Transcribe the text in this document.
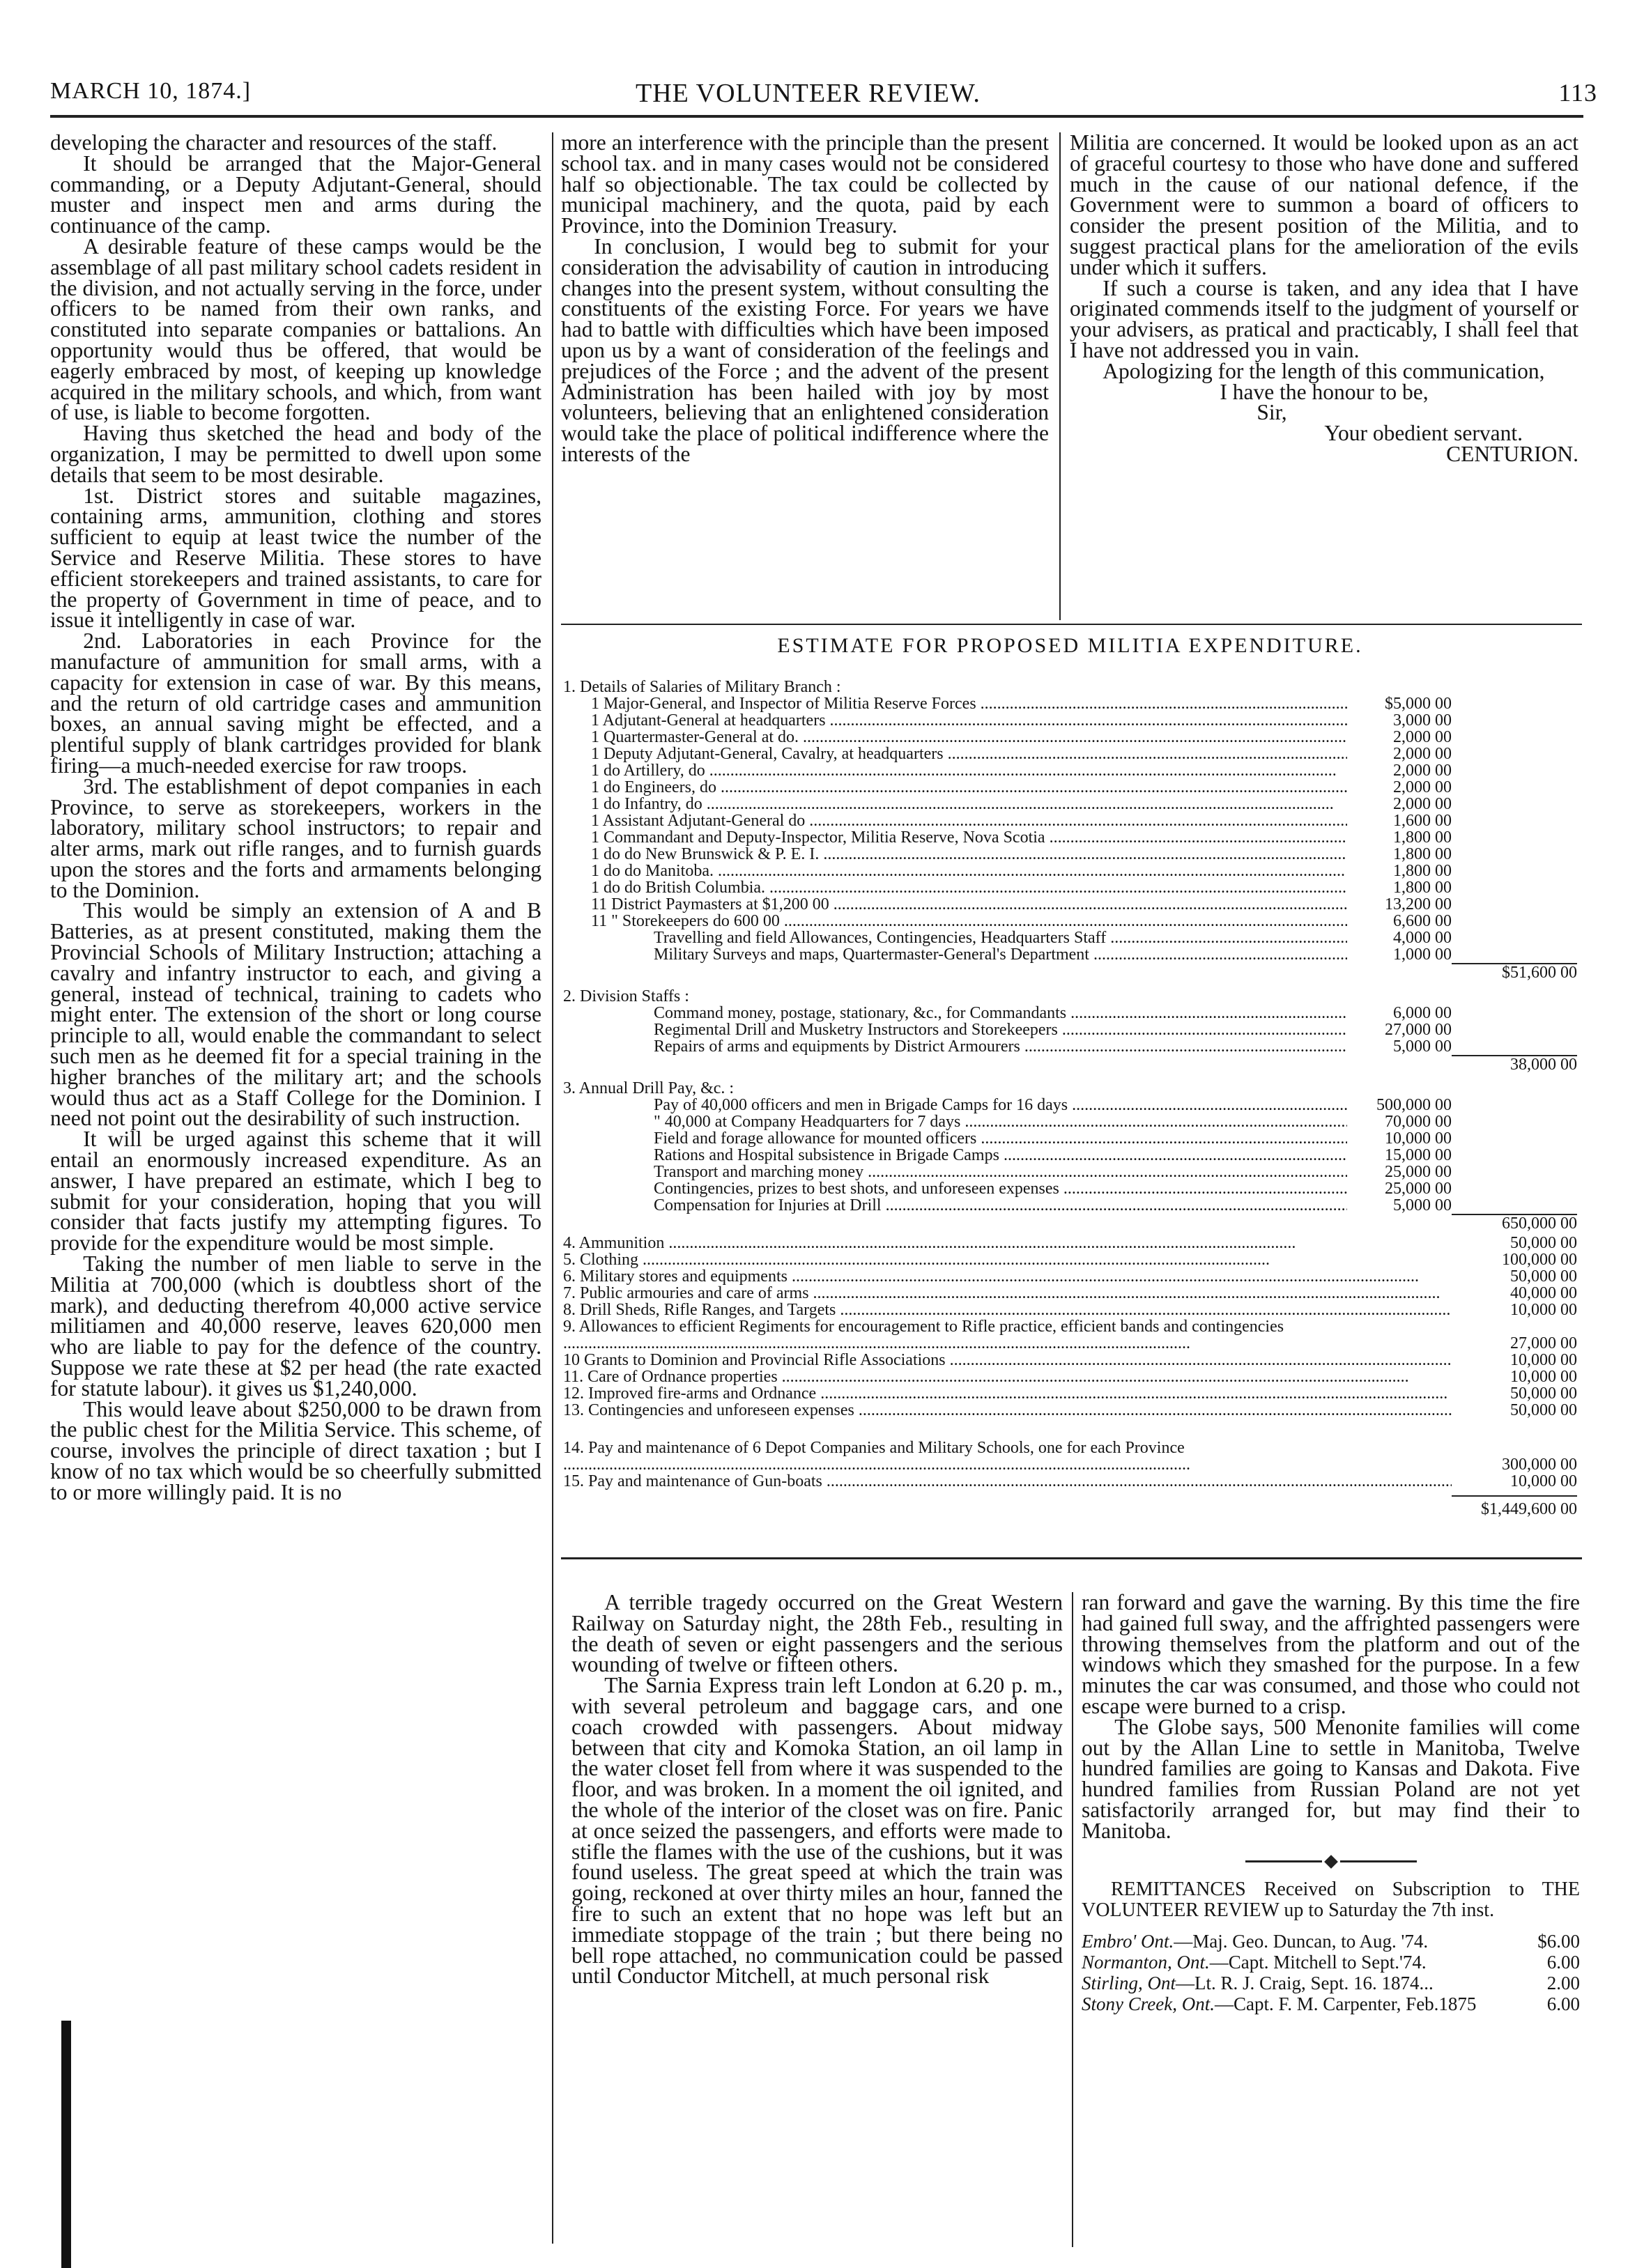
MARCH 10, 1874.]	THE VOLUNTEER REVIEW.	113

developing the character and resources of the staff.

It should be arranged that the Major-General commanding, or a Deputy Adjutant-General, should muster and inspect men and arms during the continuance of the camp.

A desirable feature of these camps would be the assemblage of all past military school cadets resident in the division, and not actually serving in the force, under officers to be named from their own ranks, and constituted into separate companies or battalions. An opportunity would thus be offered, that would be eagerly embraced by most, of keeping up knowledge acquired in the military schools, and which, from want of use, is liable to become forgotten.

Having thus sketched the head and body of the organization, I may be permitted to dwell upon some details that seem to be most desirable.

1st. District stores and suitable magazines, containing arms, ammunition, clothing and stores sufficient to equip at least twice the number of the Service and Reserve Militia. These stores to have efficient storekeepers and trained assistants, to care for the property of Government in time of peace, and to issue it intelligently in case of war.

2nd. Laboratories in each Province for the manufacture of ammunition for small arms, with a capacity for extension in case of war. By this means, and the return of old cartridge cases and ammunition boxes, an annual saving might be effected, and a plentiful supply of blank cartridges provided for blank firing—a much-needed exercise for raw troops.

3rd. The establishment of depot companies in each Province, to serve as storekeepers, workers in the laboratory, military school instructors; to repair and alter arms, mark out rifle ranges, and to furnish guards upon the stores and the forts and armaments belonging to the Dominion.

This would be simply an extension of A and B Batteries, as at present constituted, making them the Provincial Schools of Military Instruction; attaching a cavalry and infantry instructor to each, and giving a general, instead of technical, training to cadets who might enter. The extension of the short or long course principle to all, would enable the commandant to select such men as he deemed fit for a special training in the higher branches of the military art; and the schools would thus act as a Staff College for the Dominion. I need not point out the desirability of such instruction.

It will be urged against this scheme that it will entail an enormously increased expenditure. As an answer, I have prepared an estimate, which I beg to submit for your consideration, hoping that you will consider that facts justify my attempting figures. To provide for the expenditure would be most simple.

Taking the number of men liable to serve in the Militia at 700,000 (which is doubtless short of the mark), and deducting therefrom 40,000 active service militiamen and 40,000 reserve, leaves 620,000 men who are liable to pay for the defence of the country. Suppose we rate these at $2 per head (the rate exacted for statute labour). it gives us $1,240,000.

This would leave about $250,000 to be drawn from the public chest for the Militia Service. This scheme, of course, involves the principle of direct taxation ; but I know of no tax which would be so cheerfully submitted to or more willingly paid. It is no

more an interference with the principle than the present school tax. and in many cases would not be considered half so objectionable. The tax could be collected by municipal machinery, and the quota, paid by each Province, into the Dominion Treasury.

In conclusion, I would beg to submit for your consideration the advisability of caution in introducing changes into the present system, without consulting the constituents of the existing Force. For years we have had to battle with difficulties which have been imposed upon us by a want of consideration of the feelings and prejudices of the Force ; and the advent of the present Administration has been hailed with joy by most volunteers, believing that an enlightened consideration would take the place of political indifference where the interests of the

Militia are concerned. It would be looked upon as an act of graceful courtesy to those who have done and suffered much in the cause of our national defence, if the Government were to summon a board of officers to consider the present position of the Militia, and to suggest practical plans for the amelioration of the evils under which it suffers.

If such a course is taken, and any idea that I have originated commends itself to the judgment of yourself or your advisers, as pratical and practicably, I shall feel that I have not addressed you in vain.

Apologizing for the length of this communication,

I have the honour to be,

Sir,

Your obedient servant.

CENTURION.

ESTIMATE FOR PROPOSED MILITIA EXPENDITURE.
1. Details of Salaries of Military Branch :
1 Major-General, and Inspector of Militia Reserve Forces .....	$5,000 00
1 Adjutant-General at headquarters .....	3,000 00
1 Quartermaster-General at do. .....	2,000 00
1 Deputy Adjutant-General, Cavalry, at headquarters .....	2,000 00
1 do Artillery, do .....	2,000 00
1 do Engineers, do .....	2,000 00
1 do Infantry, do .....	2,000 00
1 Assistant Adjutant-General do .....	1,600 00
1 Commandant and Deputy-Inspector, Militia Reserve, Nova Scotia .....	1,800 00
1 do do New Brunswick & P. E. I. .....	1,800 00
1 do do Manitoba. .....	1,800 00
1 do do British Columbia. .....	1,800 00
11 District Paymasters at $1,200 00 .....	13,200 00
11 " Storekeepers do 600 00 .....	6,600 00
Travelling and field Allowances, Contingencies, Headquarters Staff .....	4,000 00
Military Surveys and maps, Quartermaster-General's Department .....	1,000 00
$51,600 00
2. Division Staffs :
Command money, postage, stationary, &c., for Commandants .....	6,000 00
Regimental Drill and Musketry Instructors and Storekeepers .....	27,000 00
Repairs of arms and equipments by District Armourers .....	5,000 00
38,000 00
3. Annual Drill Pay, &c. :
Pay of 40,000 officers and men in Brigade Camps for 16 days .....	500,000 00
" 40,000 at Company Headquarters for 7 days .....	70,000 00
Field and forage allowance for mounted officers .....	10,000 00
Rations and Hospital subsistence in Brigade Camps .....	15,000 00
Transport and marching money .....	25,000 00
Contingencies, prizes to best shots, and unforeseen expenses .....	25,000 00
Compensation for Injuries at Drill .....	5,000 00
650,000 00
4. Ammunition .....	50,000 00
5. Clothing .....	100,000 00
6. Military stores and equipments .....	50,000 00
7. Public armouries and care of arms .....	40,000 00
8. Drill Sheds, Rifle Ranges, and Targets .....	10,000 00
9. Allowances to efficient Regiments for encouragement to Rifle practice, efficient bands and contingencies .....
27,000 00
10 Grants to Dominion and Provincial Rifle Associations .....	10,000 00
11. Care of Ordnance properties .....	10,000 00
12. Improved fire-arms and Ordnance .....	50,000 00
13. Contingencies and unforeseen expenses .....	50,000 00
14. Pay and maintenance of 6 Depot Companies and Military Schools, one for each Province .....
300,000 00
15. Pay and maintenance of Gun-boats .....	10,000 00
$1,449,600 00

A terrible tragedy occurred on the Great Western Railway on Saturday night, the 28th Feb., resulting in the death of seven or eight passengers and the serious wounding of twelve or fifteen others.

The Sarnia Express train left London at 6.20 p. m., with several petroleum and baggage cars, and one coach crowded with passengers. About midway between that city and Komoka Station, an oil lamp in the water closet fell from where it was suspended to the floor, and was broken. In a moment the oil ignited, and the whole of the interior of the closet was on fire. Panic at once seized the passengers, and efforts were made to stifle the flames with the use of the cushions, but it was found useless. The great speed at which the train was going, reckoned at over thirty miles an hour, fanned the fire to such an extent that no hope was left but an immediate stoppage of the train ; but there being no bell rope attached, no communication could be passed until Conductor Mitchell, at much personal risk

ran forward and gave the warning. By this time the fire had gained full sway, and the affrighted passengers were throwing themselves from the platform and out of the windows which they smashed for the purpose. In a few minutes the car was consumed, and those who could not escape were burned to a crisp.

The Globe says, 500 Menonite families will come out by the Allan Line to settle in Manitoba, Twelve hundred families are going to Kansas and Dakota. Five hundred families from Russian Poland are not yet satisfactorily arranged for, but may find their to Manitoba.

REMITTANCES Received on Subscription to THE VOLUNTEER REVIEW up to Saturday the 7th inst.

Embro' Ont. —Maj. Geo. Duncan, to Aug. '74.	$6.00
Normanton, Ont. —Capt. Mitchell to Sept.'74.	6.00
Stirling, Ont —Lt. R. J. Craig, Sept. 16. 1874...	2.00
Stony Creek, Ont. —Capt. F. M. Carpenter, Feb.1875	6.00
